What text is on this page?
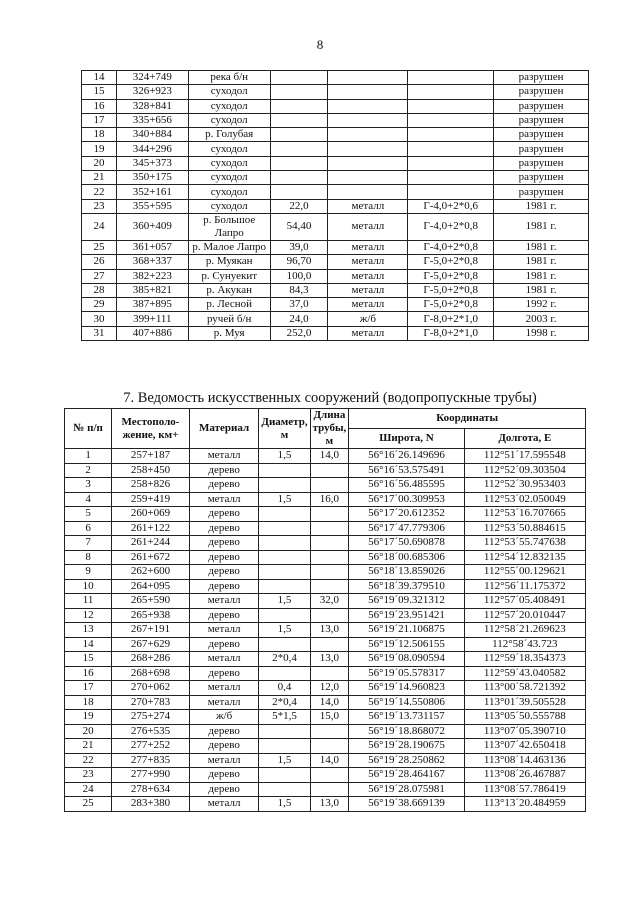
8
14	324+749	река б/н				разрушен
15	326+923	суходол				разрушен
16	328+841	суходол				разрушен
17	335+656	суходол				разрушен
18	340+884	р. Голубая				разрушен
19	344+296	суходол				разрушен
20	345+373	суходол				разрушен
21	350+175	суходол				разрушен
22	352+161	суходол				разрушен
23	355+595	суходол	22,0	металл	Г-4,0+2*0,6	1981 г.
24	360+409	р. Большое Лапро	54,40	металл	Г-4,0+2*0,8	1981 г.
25	361+057	р. Малое Лапро	39,0	металл	Г-4,0+2*0,8	1981 г.
26	368+337	р. Муякан	96,70	металл	Г-5,0+2*0,8	1981 г.
27	382+223	р. Сунуекит	100,0	металл	Г-5,0+2*0,8	1981 г.
28	385+821	р. Акукан	84,3	металл	Г-5,0+2*0,8	1981 г.
29	387+895	р. Лесной	37,0	металл	Г-5,0+2*0,8	1992 г.
30	399+111	ручей б/н	24,0	ж/б	Г-8,0+2*1,0	2003 г.
31	407+886	р. Муя	252,0	металл	Г-8,0+2*1,0	1998 г.
7. Ведомость искусственных сооружений (водопропускные трубы)
№ п/п	Местополо-жение, км+	Материал	Диаметр, м	Длина трубы, м	Координаты	
					Широта, N	Долгота, E
1	257+187	металл	1,5	14,0	56°16´26.149696	112°51´17.595548
2	258+450	дерево			56°16´53.575491	112°52´09.303504
3	258+826	дерево			56°16´56.485595	112°52´30.953403
4	259+419	металл	1,5	16,0	56°17´00.309953	112°53´02.050049
5	260+069	дерево			56°17´20.612352	112°53´16.707665
6	261+122	дерево			56°17´47.779306	112°53´50.884615
7	261+244	дерево			56°17´50.690878	112°53´55.747638
8	261+672	дерево			56°18´00.685306	112°54´12.832135
9	262+600	дерево			56°18´13.859026	112°55´00.129621
10	264+095	дерево			56°18´39.379510	112°56´11.175372
11	265+590	металл	1,5	32,0	56°19´09.321312	112°57´05.408491
12	265+938	дерево			56°19´23.951421	112°57´20.010447
13	267+191	металл	1,5	13,0	56°19´21.106875	112°58´21.269623
14	267+629	дерево			56°19´12.506155	112°58´43.723
15	268+286	металл	2*0,4	13,0	56°19´08.090594	112°59´18.354373
16	268+698	дерево			56°19´05.578317	112°59´43.040582
17	270+062	металл	0,4	12,0	56°19´14.960823	113°00´58.721392
18	270+783	металл	2*0,4	14,0	56°19´14.550806	113°01´39.505528
19	275+274	ж/б	5*1,5	15,0	56°19´13.731157	113°05´50.555788
20	276+535	дерево			56°19´18.868072	113°07´05.390710
21	277+252	дерево			56°19´28.190675	113°07´42.650418
22	277+835	металл	1,5	14,0	56°19´28.250862	113°08´14.463136
23	277+990	дерево			56°19´28.464167	113°08´26.467887
24	278+634	дерево			56°19´28.075981	113°08´57.786419
25	283+380	металл	1,5	13,0	56°19´38.669139	113°13´20.484959
